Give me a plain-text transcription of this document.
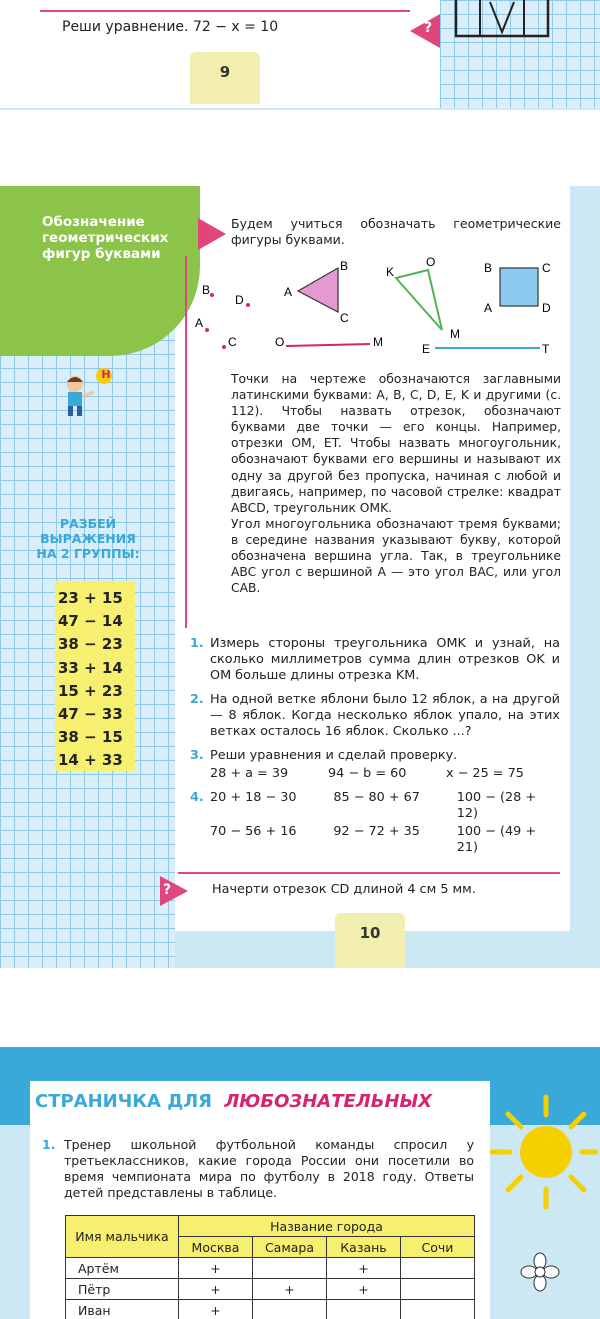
Реши уравнение. 72 − x = 10	?
9
Обозначение геометрических фигур буквами
Будем учиться обозначать геометрические фигуры буквами.
B
D
A
C
A
B
C
K
O
M
B	C
A	D
O	M	E	T
Н	Точки на чертеже обозначаются заглавными латинскими буквами: A, B, C, D, E, K и другими (с. 112). Чтобы назвать отрезок, обозначают буквами две точки — его концы. Например, отрезки OM, ET. Чтобы назвать многоугольник, обозначают буквами его вершины и называют их одну за другой без пропуска, начиная с любой и двигаясь, например, по часовой стрелке: квадрат ABCD, треугольник OMK.

Угол многоугольника обозначают тремя буквами; в середине названия указывают букву, которой обозначена вершина угла. Так, в треугольнике ABC угол с вершиной A — это угол BAC, или угол CAB.

РАЗБЕЙ ВЫРАЖЕНИЯ НА 2 ГРУППЫ:
23 + 15
47 − 14
38 − 23
33 + 14
15 + 23
47 − 33
38 − 15
14 + 33
1. Измерь стороны треугольника OMK и узнай, на сколько миллиметров сумма длин отрезков OK и OM больше длины отрезка KM.
2. На одной ветке яблони было 12 яблок, а на другой — 8 яблок. Когда несколько яблок упало, на этих ветках осталось 16 яблок. Сколько ...?
3. Реши уравнения и сделай проверку.
28 + a = 39	94 − b = 60	x − 25 = 75
4. 20 + 18 − 30	85 − 80 + 67	100 − (28 + 12)
70 − 56 + 16	92 − 72 + 35	100 − (49 + 21)
?	Начерти отрезок CD длиной 4 см 5 мм.
10
СТРАНИЧКА ДЛЯ ЛЮБОЗНАТЕЛЬНЫХ
1. Тренер школьной футбольной команды спросил у третьеклассников, какие города России они посетили во время чемпионата мира по футболу в 2018 году. Ответы детей представлены в таблице.
Имя мальчика	Название города			
	Москва	Самара	Казань	Сочи
Артём	+		+	
Пётр	+	+	+	
Иван	+			
